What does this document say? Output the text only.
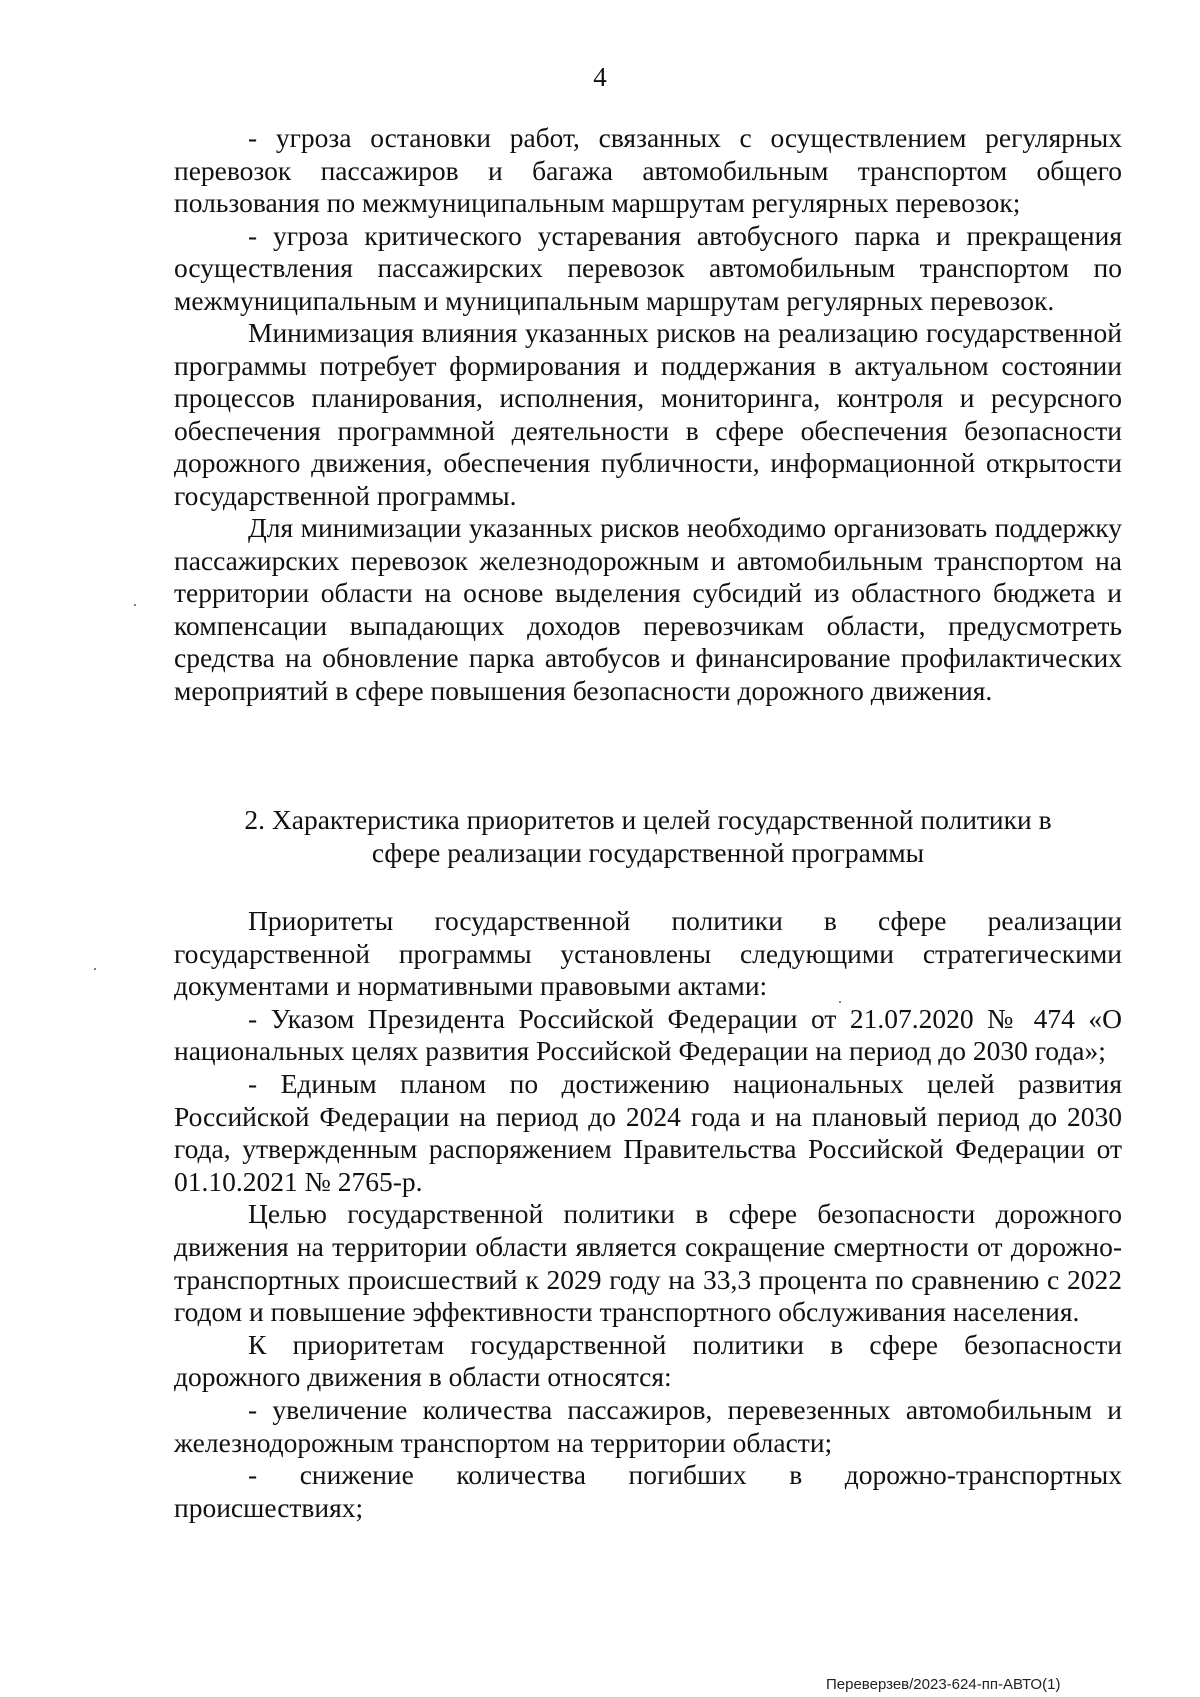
4

- угроза остановки работ, связанных с осуществлением регулярных перевозок пассажиров и багажа автомобильным транспортом общего пользования по межмуниципальным маршрутам регулярных перевозок;

- угроза критического устаревания автобусного парка и прекращения осуществления пассажирских перевозок автомобильным транспортом по межмуниципальным и муниципальным маршрутам регулярных перевозок.

Минимизация влияния указанных рисков на реализацию государственной программы потребует формирования и поддержания в актуальном состоянии процессов планирования, исполнения, мониторинга, контроля и ресурсного обеспечения программной деятельности в сфере обеспечения безопасности дорожного движения, обеспечения публичности, информационной открытости государственной программы.

Для минимизации указанных рисков необходимо организовать поддержку пассажирских перевозок железнодорожным и автомобильным транспортом на территории области на основе выделения субсидий из областного бюджета и компенсации выпадающих доходов перевозчикам области, предусмотреть средства на обновление парка автобусов и финансирование профилактических мероприятий в сфере повышения безопасности дорожного движения.

2. Характеристика приоритетов и целей государственной политики в
сфере реализации государственной программы

Приоритеты государственной политики в сфере реализации государственной программы установлены следующими стратегическими документами и нормативными правовыми актами:

- Указом Президента Российской Федерации от 21.07.2020 № 474 «О национальных целях развития Российской Федерации на период до 2030 года»;

- Единым планом по достижению национальных целей развития Российской Федерации на период до 2024 года и на плановый период до 2030 года, утвержденным распоряжением Правительства Российской Федерации от 01.10.2021 № 2765-р.

Целью государственной политики в сфере безопасности дорожного движения на территории области является сокращение смертности от дорожно-транспортных происшествий к 2029 году на 33,3 процента по сравнению с 2022 годом и повышение эффективности транспортного обслуживания населения.

К приоритетам государственной политики в сфере безопасности дорожного движения в области относятся:

- увеличение количества пассажиров, перевезенных автомобильным и железнодорожным транспортом на территории области;

- снижение количества погибших в дорожно-транспортных происшествиях;

Переверзев/2023-624-пп-АВТО(1)
